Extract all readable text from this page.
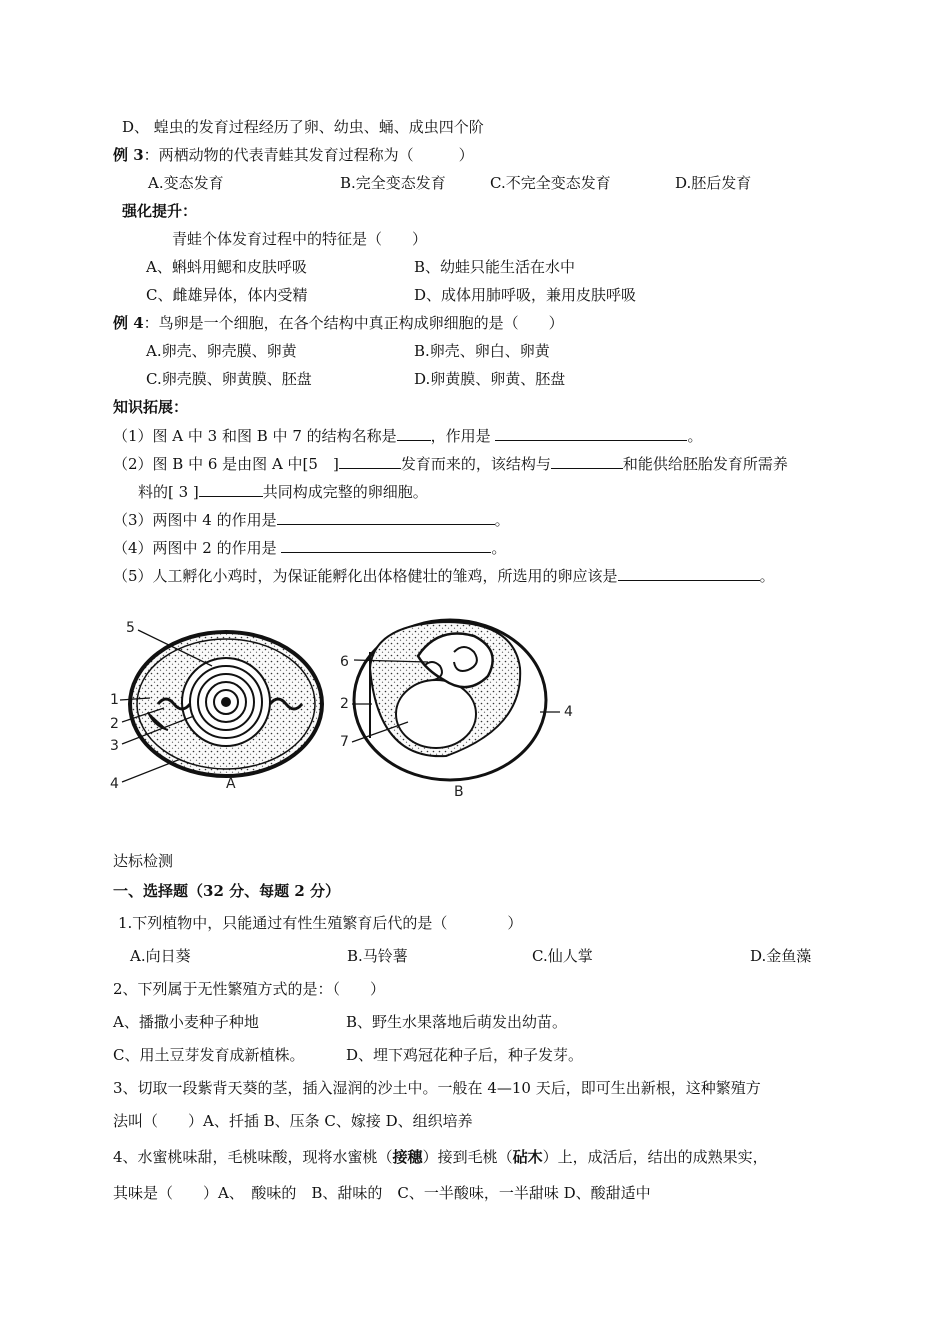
D、 蝗虫的发育过程经历了卵、幼虫、蛹、成虫四个阶
例 3：两栖动物的代表青蛙其发育过程称为（　　　）
A.变态发育	B.完全变态发育	C.不完全变态发育	D.胚后发育
强化提升：
青蛙个体发育过程中的特征是（　　）
A、蝌蚪用鳃和皮肤呼吸	B、幼蛙只能生活在水中
C、雌雄异体，体内受精	D、成体用肺呼吸，兼用皮肤呼吸
例 4：鸟卵是一个细胞，在各个结构中真正构成卵细胞的是（　　）
A.卵壳、卵壳膜、卵黄	B.卵壳、卵白、卵黄
C.卵壳膜、卵黄膜、胚盘	D.卵黄膜、卵黄、胚盘
知识拓展：
（1）图 A 中 3 和图 B 中 7 的结构名称是 ，作用是	。
（2）图 B 中 6 是由图 A 中[5　]	发育而来的，该结构与	和能供给胚胎发育所需养
料的[ 3 ]	共同构成完整的卵细胞。
（3）两图中 4 的作用是	。
（4）两图中 2 的作用是	。
（5）人工孵化小鸡时，为保证能孵化出体格健壮的雏鸡，所选用的卵应该是	。
5
1
2
3
4	A
6
2
7
4
B
达标检测
一、选择题（32 分、每题 2 分）
1.下列植物中，只能通过有性生殖繁育后代的是（　　　　）
A.向日葵	B.马铃薯	C.仙人掌	D.金鱼藻
2、下列属于无性繁殖方式的是：（　　）
A、播撒小麦种子种地	B、野生水果落地后萌发出幼苗。
C、用土豆芽发育成新植株。	D、埋下鸡冠花种子后，种子发芽。
3、切取一段紫背天葵的茎，插入湿润的沙土中。一般在 4—10 天后，即可生出新根，这种繁殖方
法叫（　　）A、扦插 B、压条 C、嫁接 D、组织培养
4、水蜜桃味甜，毛桃味酸，现将水蜜桃（接穗）接到毛桃（砧木）上，成活后，结出的成熟果实，
其味是（　　）A、　酸味的　B、甜味的　C、一半酸味，一半甜味 D、酸甜适中
